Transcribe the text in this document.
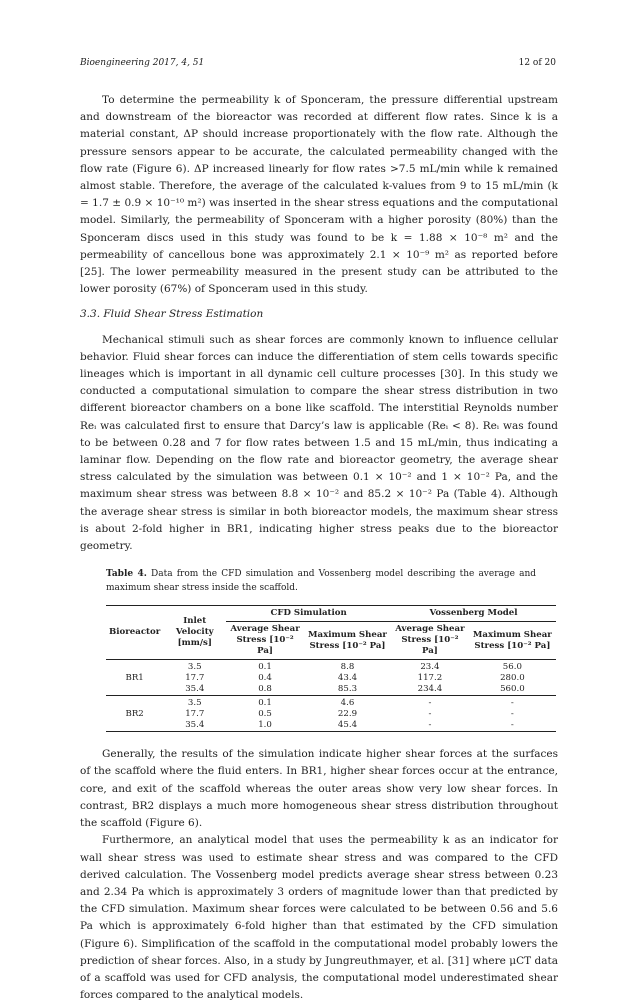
Bioengineering 2017, 4, 51	12 of 20

To determine the permeability k of Sponceram, the pressure differential upstream and downstream of the bioreactor was recorded at different flow rates. Since k is a material constant, ΔP should increase proportionately with the flow rate. Although the pressure sensors appear to be accurate, the calculated permeability changed with the flow rate (Figure 6). ΔP increased linearly for flow rates >7.5 mL/min while k remained almost stable. Therefore, the average of the calculated k-values from 9 to 15 mL/min (k = 1.7 ± 0.9 × 10⁻¹⁰ m²) was inserted in the shear stress equations and the computational model. Similarly, the permeability of Sponceram with a higher porosity (80%) than the Sponceram discs used in this study was found to be k = 1.88 × 10⁻⁸ m² and the permeability of cancellous bone was approximately 2.1 × 10⁻⁹ m² as reported before [25]. The lower permeability measured in the present study can be attributed to the lower porosity (67%) of Sponceram used in this study.

3.3. Fluid Shear Stress Estimation

Mechanical stimuli such as shear forces are commonly known to influence cellular behavior. Fluid shear forces can induce the differentiation of stem cells towards specific lineages which is important in all dynamic cell culture processes [30]. In this study we conducted a computational simulation to compare the shear stress distribution in two different bioreactor chambers on a bone like scaffold. The interstitial Reynolds number Reᵢ was calculated first to ensure that Darcy’s law is applicable (Reᵢ < 8). Reᵢ was found to be between 0.28 and 7 for flow rates between 1.5 and 15 mL/min, thus indicating a laminar flow. Depending on the flow rate and bioreactor geometry, the average shear stress calculated by the simulation was between 0.1 × 10⁻² and 1 × 10⁻² Pa, and the maximum shear stress was between 8.8 × 10⁻² and 85.2 × 10⁻² Pa (Table 4). Although the average shear stress is similar in both bioreactor models, the maximum shear stress is about 2-fold higher in BR1, indicating higher stress peaks due to the bioreactor geometry.

Table 4. Data from the CFD simulation and Vossenberg model describing the average and maximum shear stress inside the scaffold.
Bioreactor	Inlet Velocity [mm/s]	CFD Simulation		Vossenberg Model	
		Average Shear Stress [10⁻² Pa]	Maximum Shear Stress [10⁻² Pa]	Average Shear Stress [10⁻² Pa]	Maximum Shear Stress [10⁻² Pa]
BR1	3.5	0.1	8.8	23.4	56.0
	17.7	0.4	43.4	117.2	280.0
	35.4	0.8	85.3	234.4	560.0
BR2	3.5	0.1	4.6	-	-
	17.7	0.5	22.9	-	-
	35.4	1.0	45.4	-	-

Generally, the results of the simulation indicate higher shear forces at the surfaces of the scaffold where the fluid enters. In BR1, higher shear forces occur at the entrance, core, and exit of the scaffold whereas the outer areas show very low shear forces. In contrast, BR2 displays a much more homogeneous shear stress distribution throughout the scaffold (Figure 6).

Furthermore, an analytical model that uses the permeability k as an indicator for wall shear stress was used to estimate shear stress and was compared to the CFD derived calculation. The Vossenberg model predicts average shear stress between 0.23 and 2.34 Pa which is approximately 3 orders of magnitude lower than that predicted by the CFD simulation. Maximum shear forces were calculated to be between 0.56 and 5.6 Pa which is approximately 6-fold higher than that estimated by the CFD simulation (Figure 6). Simplification of the scaffold in the computational model probably lowers the prediction of shear forces. Also, in a study by Jungreuthmayer, et al. [31] where μCT data of a scaffold was used for CFD analysis, the computational model underestimated shear forces compared to the analytical models.
